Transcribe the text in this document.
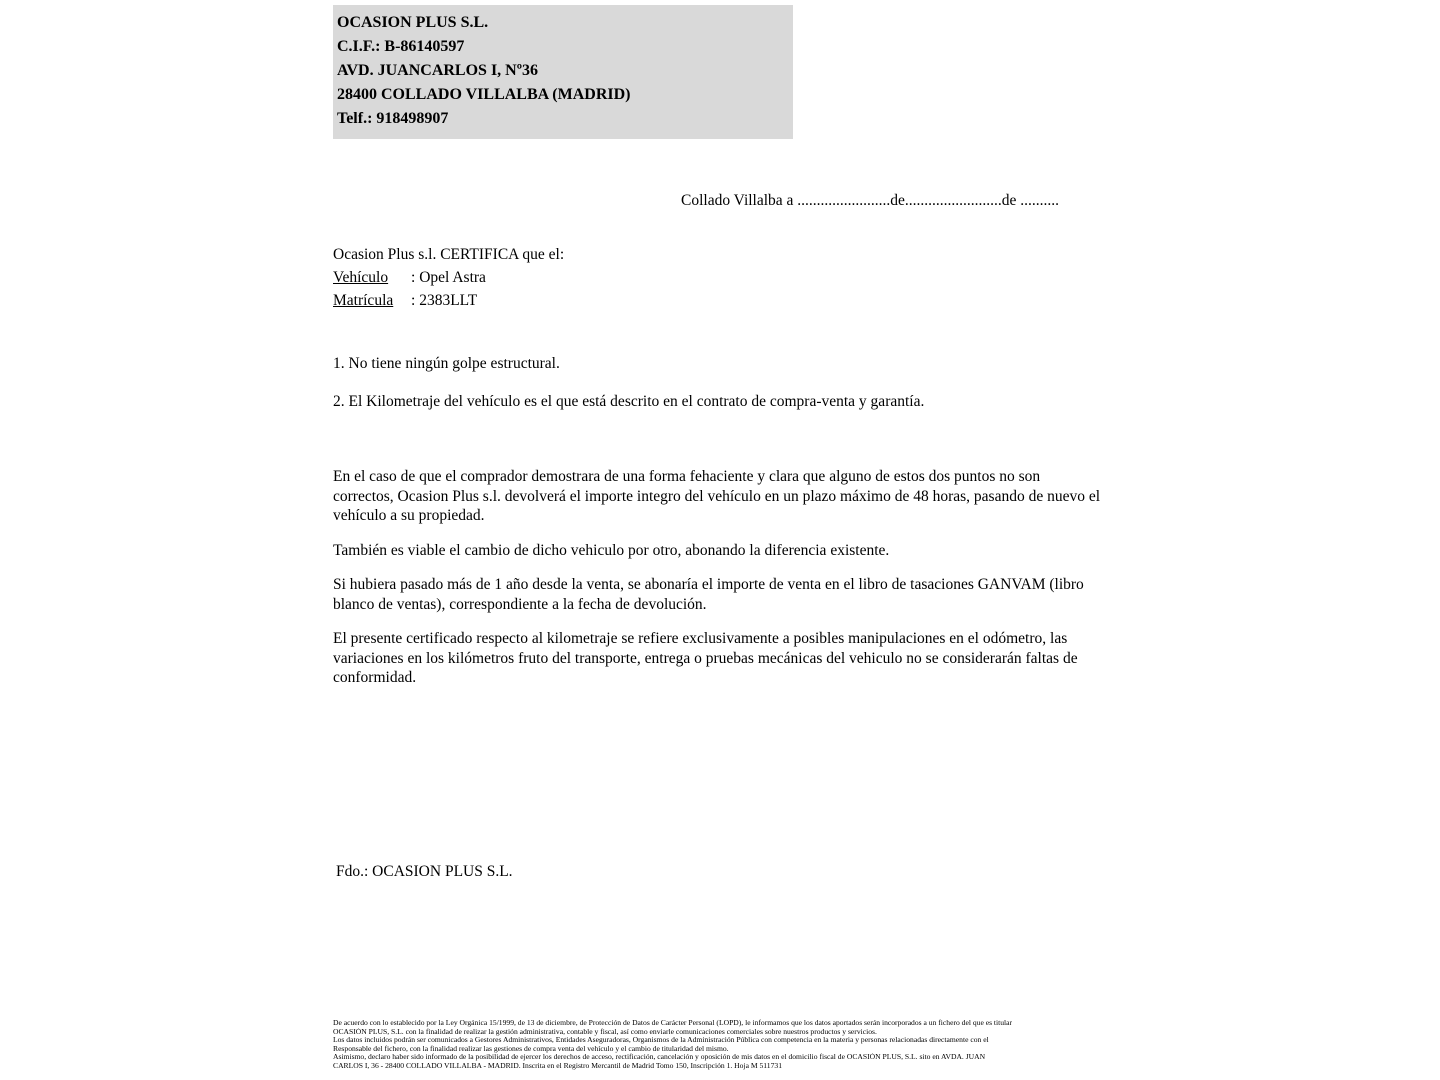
OCASION PLUS S.L.
C.I.F.: B-86140597
AVD. JUANCARLOS I, Nº36
28400 COLLADO VILLALBA (MADRID)
Telf.: 918498907
Collado Villalba a ........................de.........................de ..........
Ocasion Plus s.l. CERTIFICA que el:
Vehículo : Opel Astra
Matrícula : 2383LLT

1. No tiene ningún golpe estructural.

2. El Kilometraje del vehículo es el que está descrito en el contrato de compra-venta y garantía.

En el caso de que el comprador demostrara de una forma fehaciente y clara que alguno de estos dos puntos no son correctos, Ocasion Plus s.l. devolverá el importe integro del vehículo en un plazo máximo de 48 horas, pasando de nuevo el vehículo a su propiedad.

También es viable el cambio de dicho vehiculo por otro, abonando la diferencia existente.

Si hubiera pasado más de 1 año desde la venta, se abonaría el importe de venta en el libro de tasaciones GANVAM (libro blanco de ventas), correspondiente a la fecha de devolución.

El presente certificado respecto al kilometraje se refiere exclusivamente a posibles manipulaciones en el odómetro, las variaciones en los kilómetros fruto del transporte, entrega o pruebas mecánicas del vehiculo no se considerarán faltas de conformidad.

Fdo.: OCASION PLUS S.L.
De acuerdo con lo establecido por la Ley Orgánica 15/1999, de 13 de diciembre, de Protección de Datos de Carácter Personal (LOPD), le informamos que los datos aportados serán incorporados a un fichero del que es titular
OCASIÓN PLUS, S.L. con la finalidad de realizar la gestión administrativa, contable y fiscal, así como enviarle comunicaciones comerciales sobre nuestros productos y servicios.
Los datos incluidos podrán ser comunicados a Gestores Administrativos, Entidades Aseguradoras, Organismos de la Administración Pública con competencia en la materia y personas relacionadas directamente con el
Responsable del fichero, con la finalidad realizar las gestiones de compra venta del vehículo y el cambio de titularidad del mismo.
Asimismo, declaro haber sido informado de la posibilidad de ejercer los derechos de acceso, rectificación, cancelación y oposición de mis datos en el domicilio fiscal de OCASIÓN PLUS, S.L. sito en AVDA. JUAN
CARLOS I, 36 - 28400 COLLADO VILLALBA - MADRID. Inscrita en el Registro Mercantil de Madrid Tomo 150, Inscripción 1. Hoja M 511731
